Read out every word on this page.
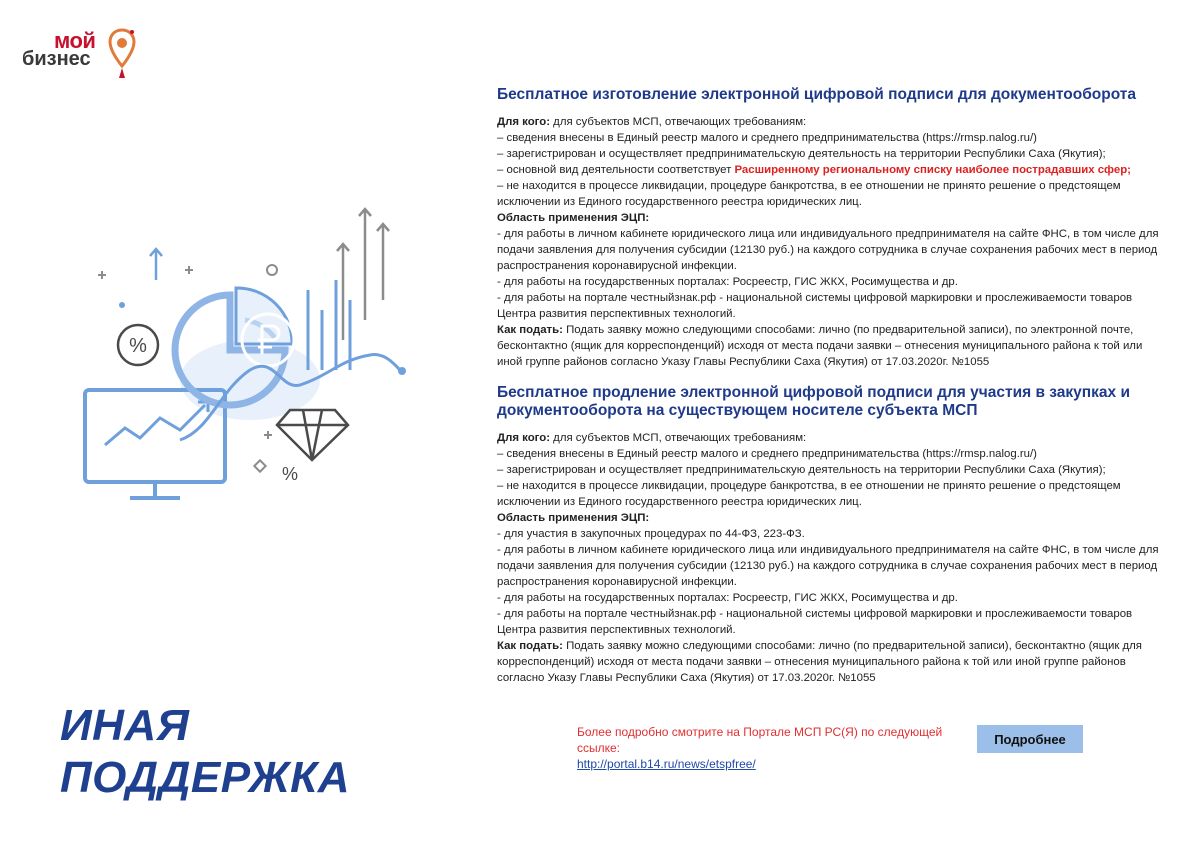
мой
бизнес
%
%
ИНАЯ
ПОДДЕРЖКА
Бесплатное изготовление электронной цифровой подписи для документооборота

Для кого: для субъектов МСП, отвечающих требованиям:

– сведения внесены в Единый реестр малого и среднего предпринимательства (https://rmsp.nalog.ru/)

– зарегистрирован и осуществляет предпринимательскую деятельность на территории Республики Саха (Якутия);

– основной вид деятельности соответствует Расширенному региональному списку наиболее пострадавших сфер;

– не находится в процессе ликвидации, процедуре банкротства, в ее отношении не принято решение о предстоящем исключении из Единого государственного реестра юридических лиц.

Область применения ЭЦП:

- для работы в личном кабинете юридического лица или индивидуального предпринимателя на сайте ФНС, в том числе для подачи заявления для получения субсидии (12130 руб.) на каждого сотрудника в случае сохранения рабочих мест в период распространения коронавирусной инфекции.

- для работы на государственных порталах: Росреестр, ГИС ЖКХ, Росимущества и др.

- для работы на портале честныйзнак.рф - национальной системы цифровой маркировки и прослеживаемости товаров Центра развития перспективных технологий.

Как подать: Подать заявку можно следующими способами: лично (по предварительной записи), по электронной почте, бесконтактно (ящик для корреспонденций) исходя от места подачи заявки – отнесения муниципального района к той или иной группе районов согласно Указу Главы Республики Саха (Якутия) от 17.03.2020г. №1055

Бесплатное продление электронной цифровой подписи для участия в закупках и документооборота на существующем носителе субъекта МСП

Для кого: для субъектов МСП, отвечающих требованиям:

– сведения внесены в Единый реестр малого и среднего предпринимательства (https://rmsp.nalog.ru/)

– зарегистрирован и осуществляет предпринимательскую деятельность на территории Республики Саха (Якутия);

– не находится в процессе ликвидации, процедуре банкротства, в ее отношении не принято решение о предстоящем исключении из Единого государственного реестра юридических лиц.

Область применения ЭЦП:

- для участия в закупочных процедурах по 44-ФЗ, 223-ФЗ.

- для работы в личном кабинете юридического лица или индивидуального предпринимателя на сайте ФНС, в том числе для подачи заявления для получения субсидии (12130 руб.) на каждого сотрудника в случае сохранения рабочих мест в период распространения коронавирусной инфекции.

- для работы на государственных порталах: Росреестр, ГИС ЖКХ, Росимущества и др.

- для работы на портале честныйзнак.рф - национальной системы цифровой маркировки и прослеживаемости товаров Центра развития перспективных технологий.

Как подать: Подать заявку можно следующими способами: лично (по предварительной записи), бесконтактно (ящик для корреспонденций) исходя от места подачи заявки – отнесения муниципального района к той или иной группе районов согласно Указу Главы Республики Саха (Якутия) от 17.03.2020г. №1055

Более подробно смотрите на Портале МСП РС(Я) по следующей ссылке:
http://portal.b14.ru/news/etspfree/
Подробнее
